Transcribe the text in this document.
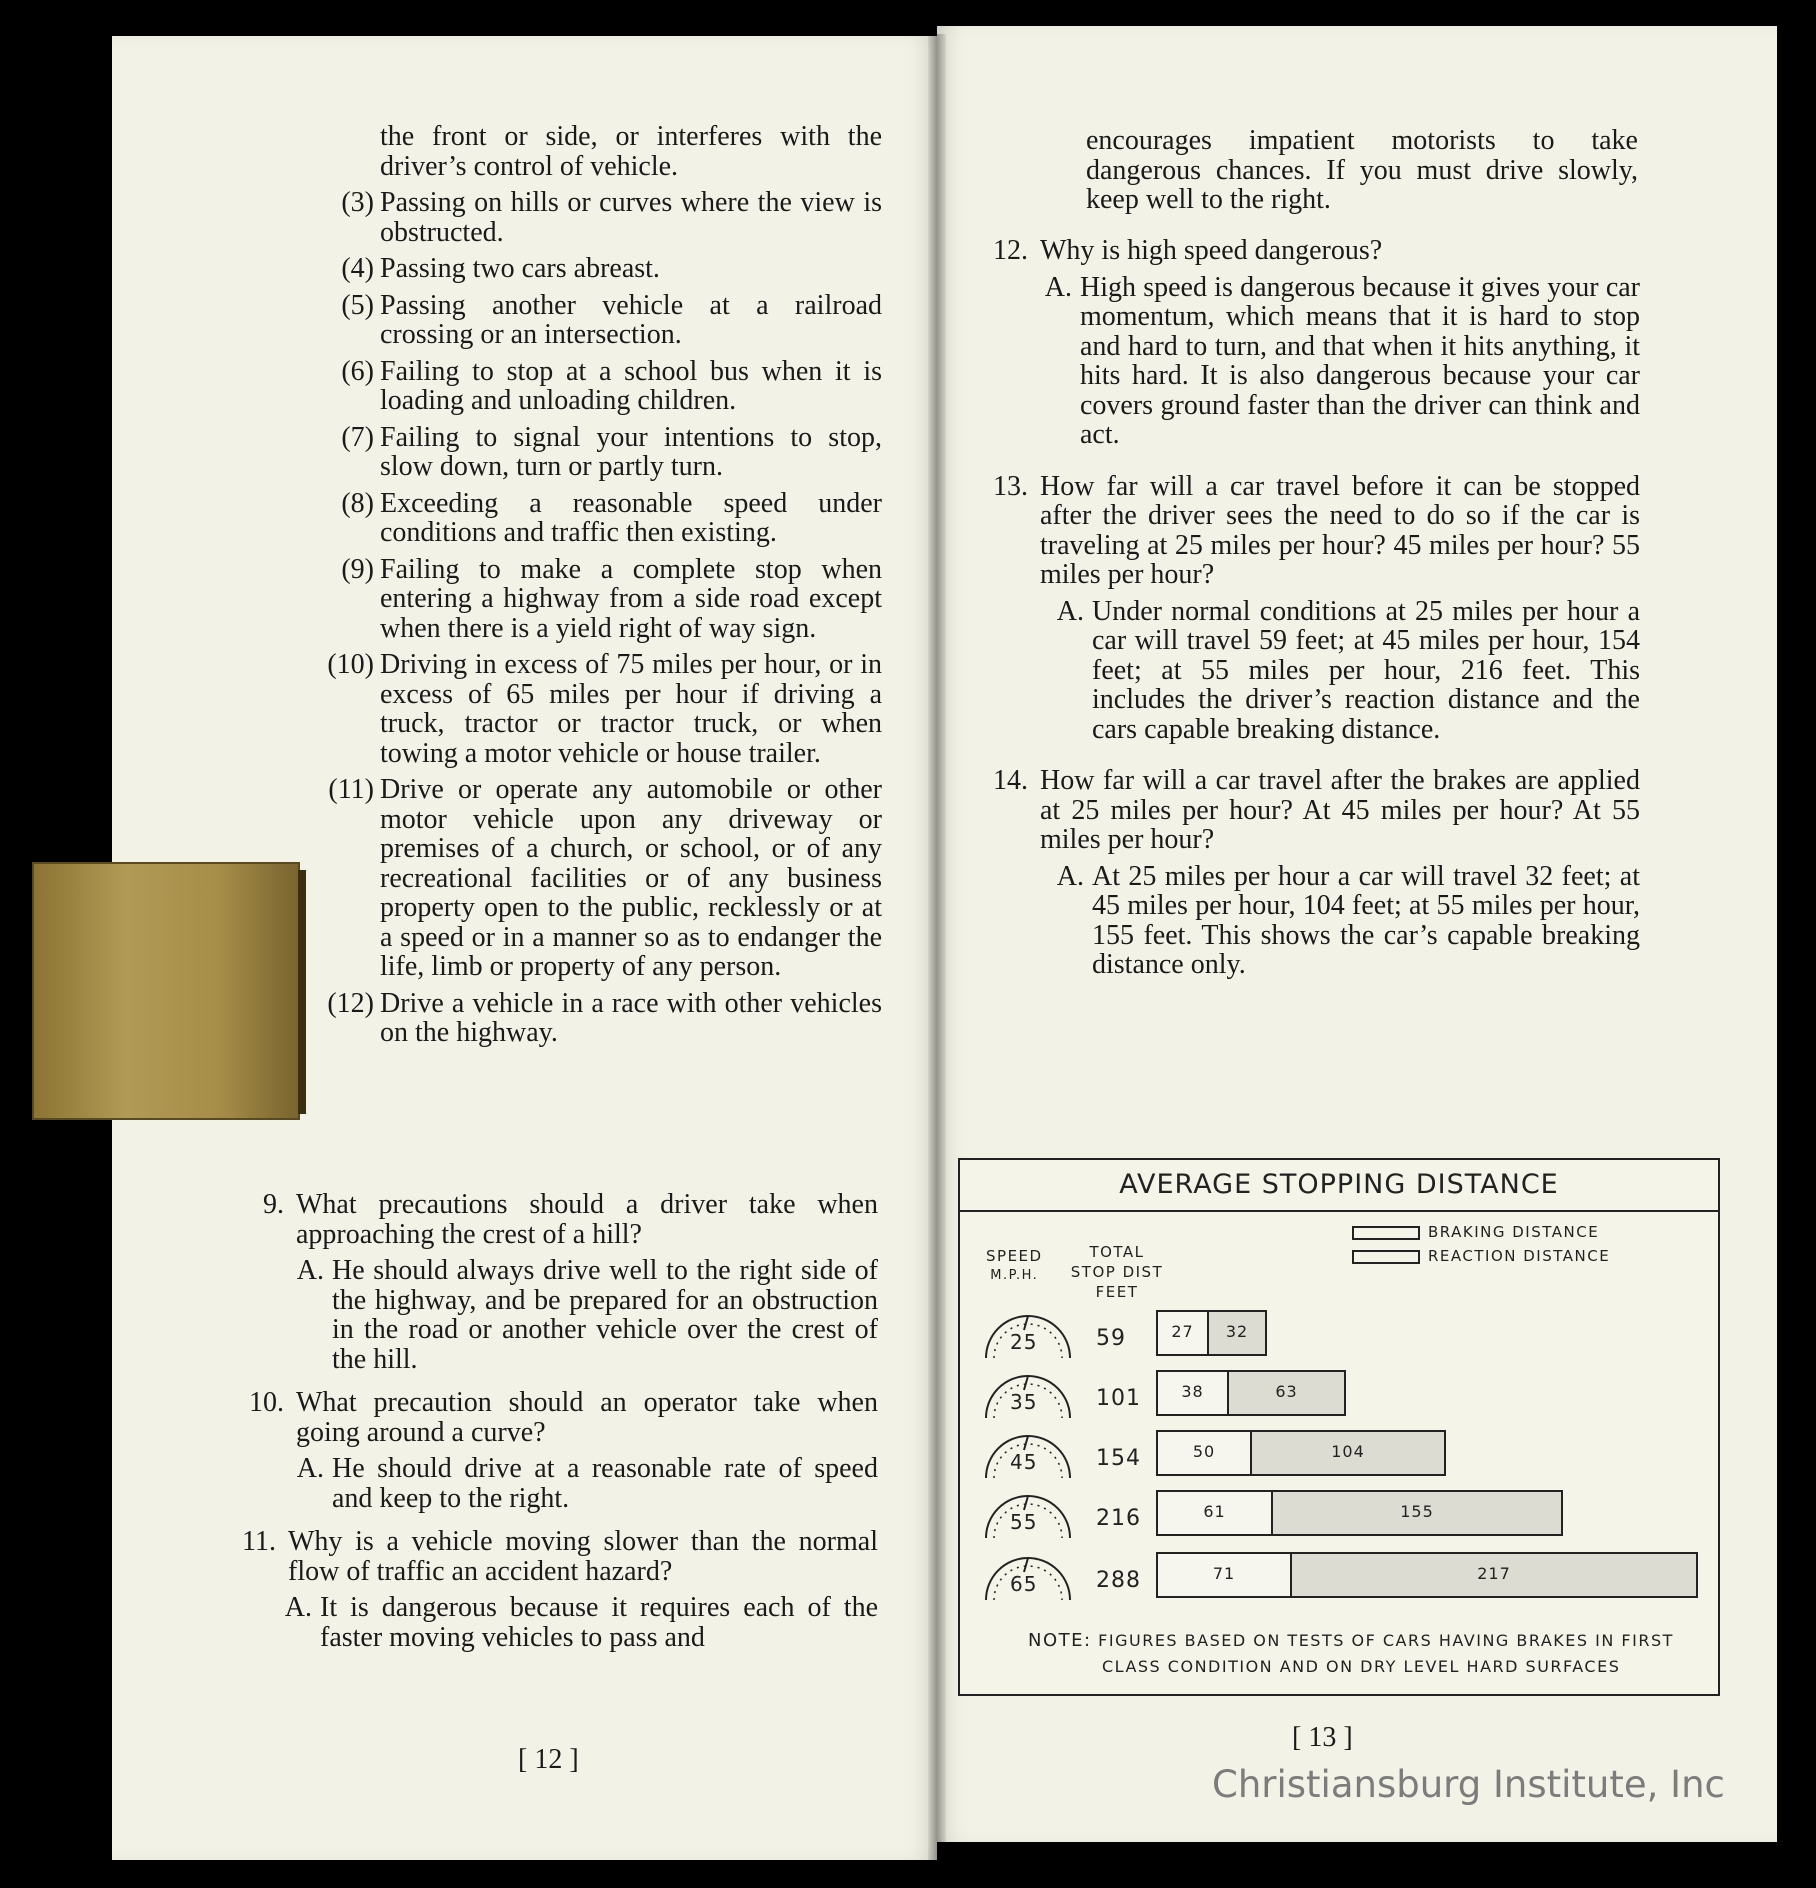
the front or side, or interferes with the driver’s control of vehicle.
(3) Passing on hills or curves where the view is obstructed.
(4) Passing two cars abreast.
(5) Passing another vehicle at a railroad crossing or an intersection.
(6) Failing to stop at a school bus when it is loading and unloading children.
(7) Failing to signal your intentions to stop, slow down, turn or partly turn.
(8) Exceeding a reasonable speed under conditions and traffic then existing.
(9) Failing to make a complete stop when entering a highway from a side road except when there is a yield right of way sign.
(10) Driving in excess of 75 miles per hour, or in excess of 65 miles per hour if driving a truck, tractor or tractor truck, or when towing a motor vehicle or house trailer.
(11) Drive or operate any automobile or other motor vehicle upon any driveway or premises of a church, or school, or of any recreational facilities or of any business property open to the public, recklessly or at a speed or in a manner so as to endanger the life, limb or property of any person.
(12) Drive a vehicle in a race with other vehicles on the highway.
9. What precautions should a driver take when approaching the crest of a hill?
A. He should always drive well to the right side of the highway, and be prepared for an obstruction in the road or another vehicle over the crest of the hill.
10. What precaution should an operator take when going around a curve?
A. He should drive at a reasonable rate of speed and keep to the right.
11. Why is a vehicle moving slower than the normal flow of traffic an accident hazard?
A. It is dangerous because it requires each of the faster moving vehicles to pass and
[ 12 ]
encourages impatient motorists to take dangerous chances. If you must drive slowly, keep well to the right.
12. Why is high speed dangerous?
A. High speed is dangerous because it gives your car momentum, which means that it is hard to stop and hard to turn, and that when it hits anything, it hits hard. It is also dangerous because your car covers ground faster than the driver can think and act.
13. How far will a car travel before it can be stopped after the driver sees the need to do so if the car is traveling at 25 miles per hour? 45 miles per hour? 55 miles per hour?
A. Under normal conditions at 25 miles per hour a car will travel 59 feet; at 45 miles per hour, 154 feet; at 55 miles per hour, 216 feet. This includes the driver’s reaction distance and the cars capable breaking distance.
14. How far will a car travel after the brakes are applied at 25 miles per hour? At 45 miles per hour? At 55 miles per hour?
A. At 25 miles per hour a car will travel 32 feet; at 45 miles per hour, 104 feet; at 55 miles per hour, 155 feet. This shows the car’s capable breaking distance only.
AVERAGE STOPPING DISTANCE
SPEED
M.P.H.
TOTAL
STOP DIST
FEET
BRAKING DISTANCE
REACTION DISTANCE
25	59	27	32
35	101	38	63
45	154	50	104
55	216	61	155
65	288	71	217
NOTE: FIGURES BASED ON TESTS OF CARS HAVING BRAKES IN FIRST
CLASS CONDITION AND ON DRY LEVEL HARD SURFACES
[ 13 ]
Christiansburg Institute, Inc
